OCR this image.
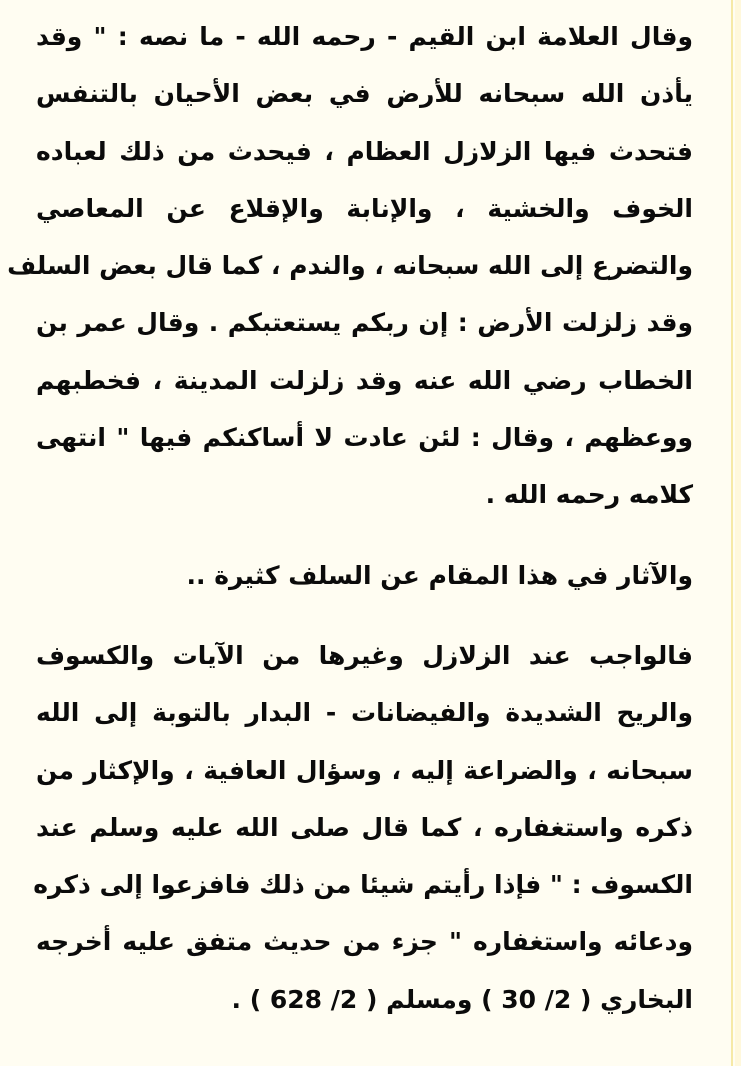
وقال العلامة ابن القيم - رحمه الله - ما نصه : " وقد
يأذن الله سبحانه للأرض في بعض الأحيان بالتنفس
فتحدث فيها الزلازل العظام ، فيحدث من ذلك لعباده
الخوف والخشية ، والإنابة والإقلاع عن المعاصي
والتضرع إلى الله سبحانه ، والندم ، كما قال بعض السلف
وقد زلزلت الأرض : إن ربكم يستعتبكم . وقال عمر بن
الخطاب رضي الله عنه وقد زلزلت المدينة ، فخطبهم
ووعظهم ، وقال : لئن عادت لا أساكنكم فيها " انتهى
كلامه رحمه الله .
والآثار في هذا المقام عن السلف كثيرة ..
فالواجب عند الزلازل وغيرها من الآيات والكسوف
والريح الشديدة والفيضانات - البدار بالتوبة إلى الله
سبحانه ، والضراعة إليه ، وسؤال العافية ، والإكثار من
ذكره واستغفاره ، كما قال صلى الله عليه وسلم عند
الكسوف : " فإذا رأيتم شيئا من ذلك فافزعوا إلى ذكره
ودعائه واستغفاره " جزء من حديث متفق عليه أخرجه
البخاري ( 2/ 30 ) ومسلم ( 2/ 628 ) .
